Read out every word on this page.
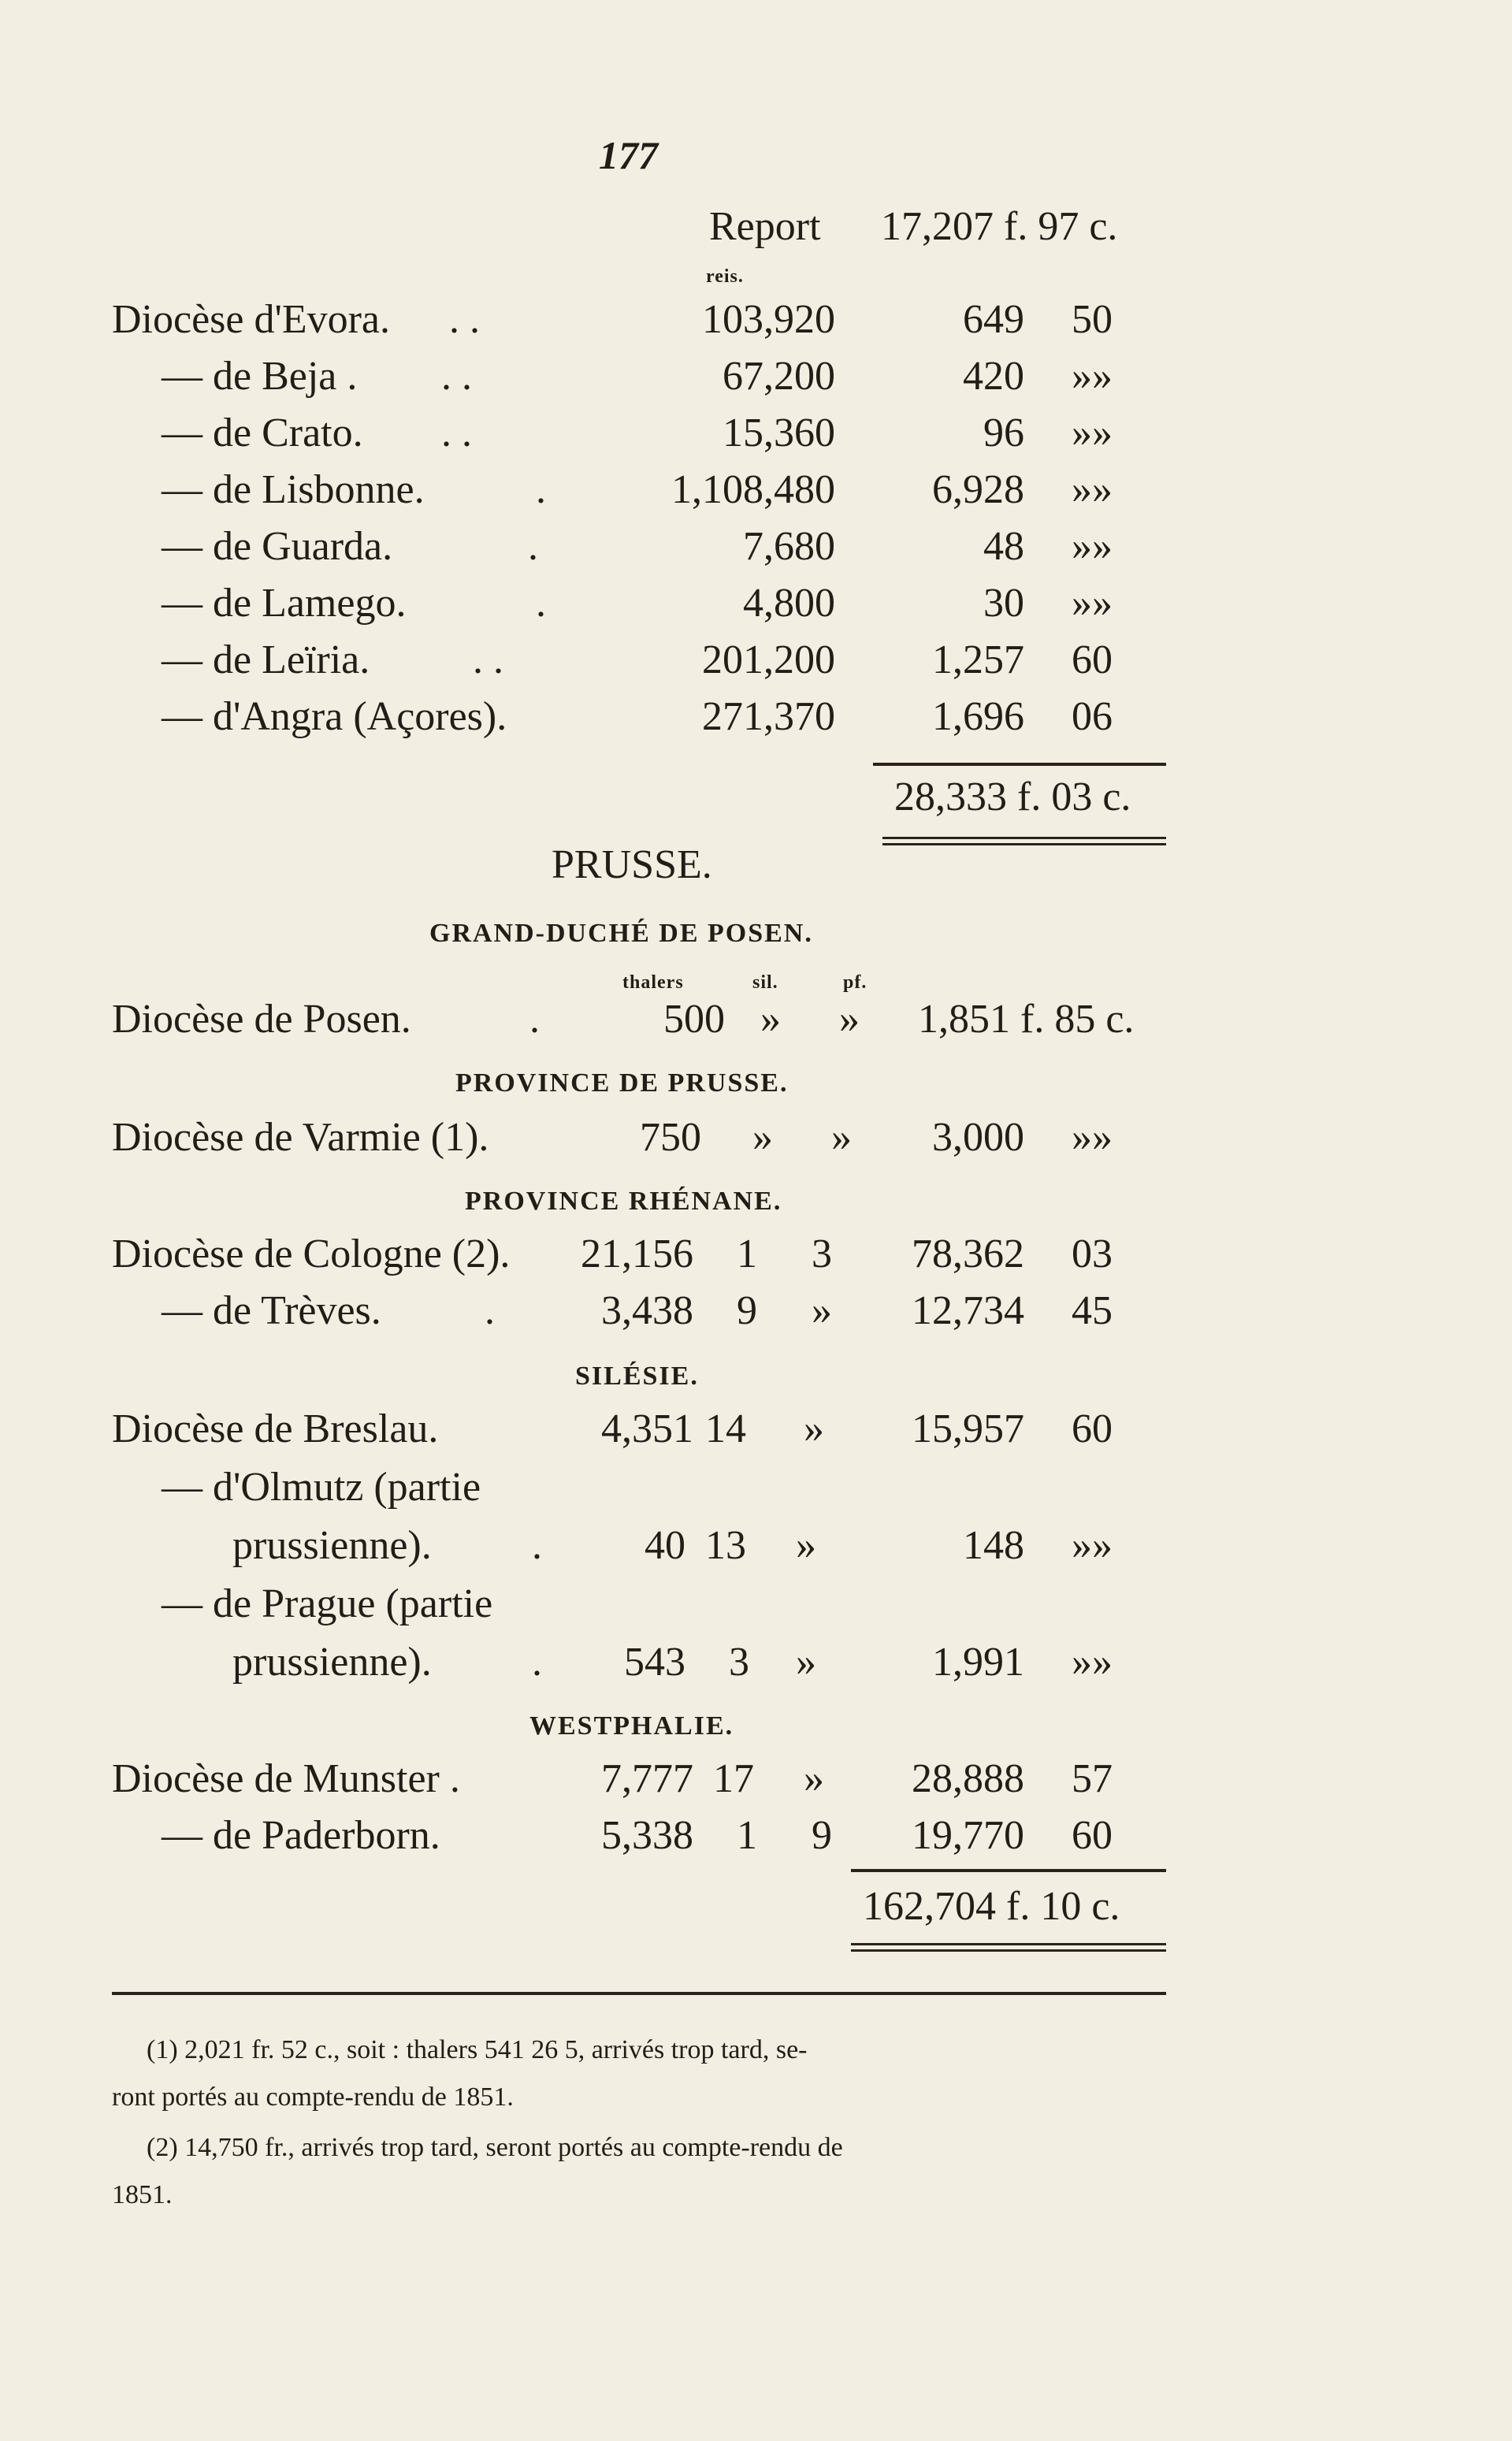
177
Report 17,207 f. 97 c.
reis.
Diocèse d'Evora. . .	103,920	649 50
— de Beja . . .	67,200	420 »»
— de Crato. . .	15,360	96 »»
— de Lisbonne.	.	1,108,480	6,928 »»
— de Guarda.	.	7,680	48 »»
— de Lamego.	.	4,800	30 »»
— de Leïria.	. .	201,200	1,257 60
— d'Angra (Açores).	271,370	1,696 06
28,333 f. 03 c.
PRUSSE.
GRAND-DUCHÉ DE POSEN.
thalers	sil.	pf.
Diocèse de Posen.	.	500 » » 1,851 f. 85 c.
PROVINCE DE PRUSSE.
Diocèse de Varmie (1).	750 » »	3,000 »»
PROVINCE RHÉNANE.
Diocèse de Cologne (2).	21,156 1 3	78,362 03
— de Trèves.	.	3,438 9 »	12,734 45
SILÉSIE.
Diocèse de Breslau.	4,351 14 »	15,957 60
— d'Olmutz (partie
prussienne). .	40 13 »	148 »»
— de Prague (partie
prussienne). .	543 3 »	1,991 »»
WESTPHALIE.
Diocèse de Munster .	7,777 17 »	28,888 57
— de Paderborn.	5,338 1 9	19,770 60
162,704 f. 10 c.
(1) 2,021 fr. 52 c., soit : thalers 541 26 5, arrivés trop tard, se-
ront portés au compte-rendu de 1851.
(2) 14,750 fr., arrivés trop tard, seront portés au compte-rendu de
1851.
